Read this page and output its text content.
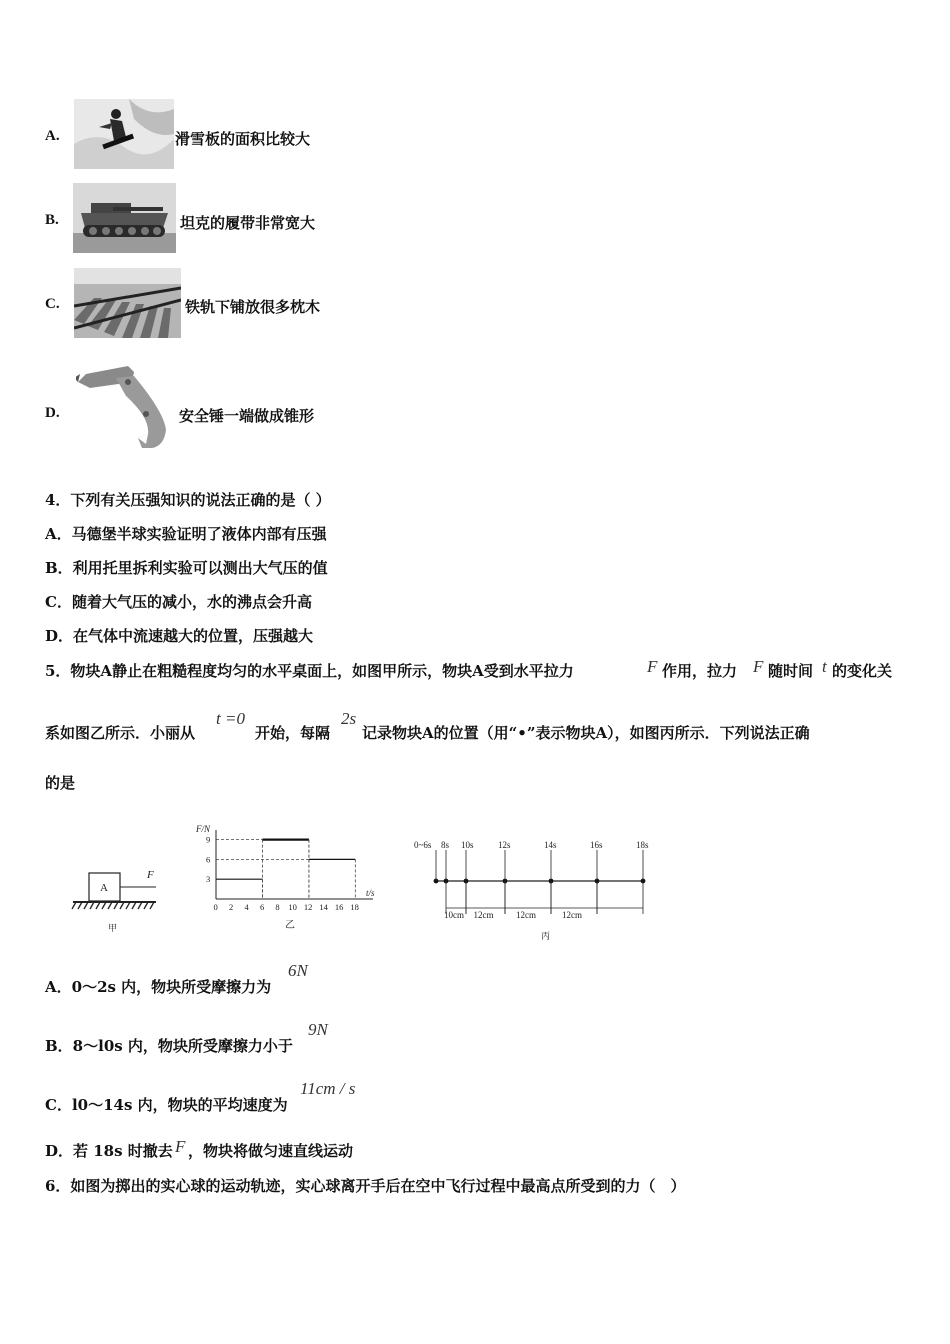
A.	滑雪板的面积比较大
B.	坦克的履带非常宽大
C.	铁轨下铺放很多枕木
D.	安全锤一端做成锥形
4．下列有关压强知识的说法正确的是（ ）
A．马德堡半球实验证明了液体内部有压强
B．利用托里拆利实验可以测出大气压的值
C．随着大气压的减小，水的沸点会升高
D．在气体中流速越大的位置，压强越大
5．物块A静止在粗糙程度均匀的水平桌面上，如图甲所示，物块A受到水平拉力	F 作用，拉力 F 随时间 t 的变化关
系如图乙所示．小丽从
t =0
开始，每隔
2s
记录物块A的位置（用“•”表示物块A），如图丙所示．下列说法正确
的是
A
F
甲
F/N
t/s
0 2 4 6 8 10 12 14 16 18
3
6
9
乙
0~6s 8s 10s	12s	14s	16s	18s
10cm 12cm	12cm	12cm
丙
A．0～2s 内，物块所受摩擦力为
6N
B．8～l0s 内，物块所受摩擦力小于
9N
C．l0～14s 内，物块的平均速度为
11cm / s
D．若 18s 时撤去 F ，物块将做匀速直线运动
6．如图为掷出的实心球的运动轨迹，实心球离开手后在空中飞行过程中最高点所受到的力（　）
